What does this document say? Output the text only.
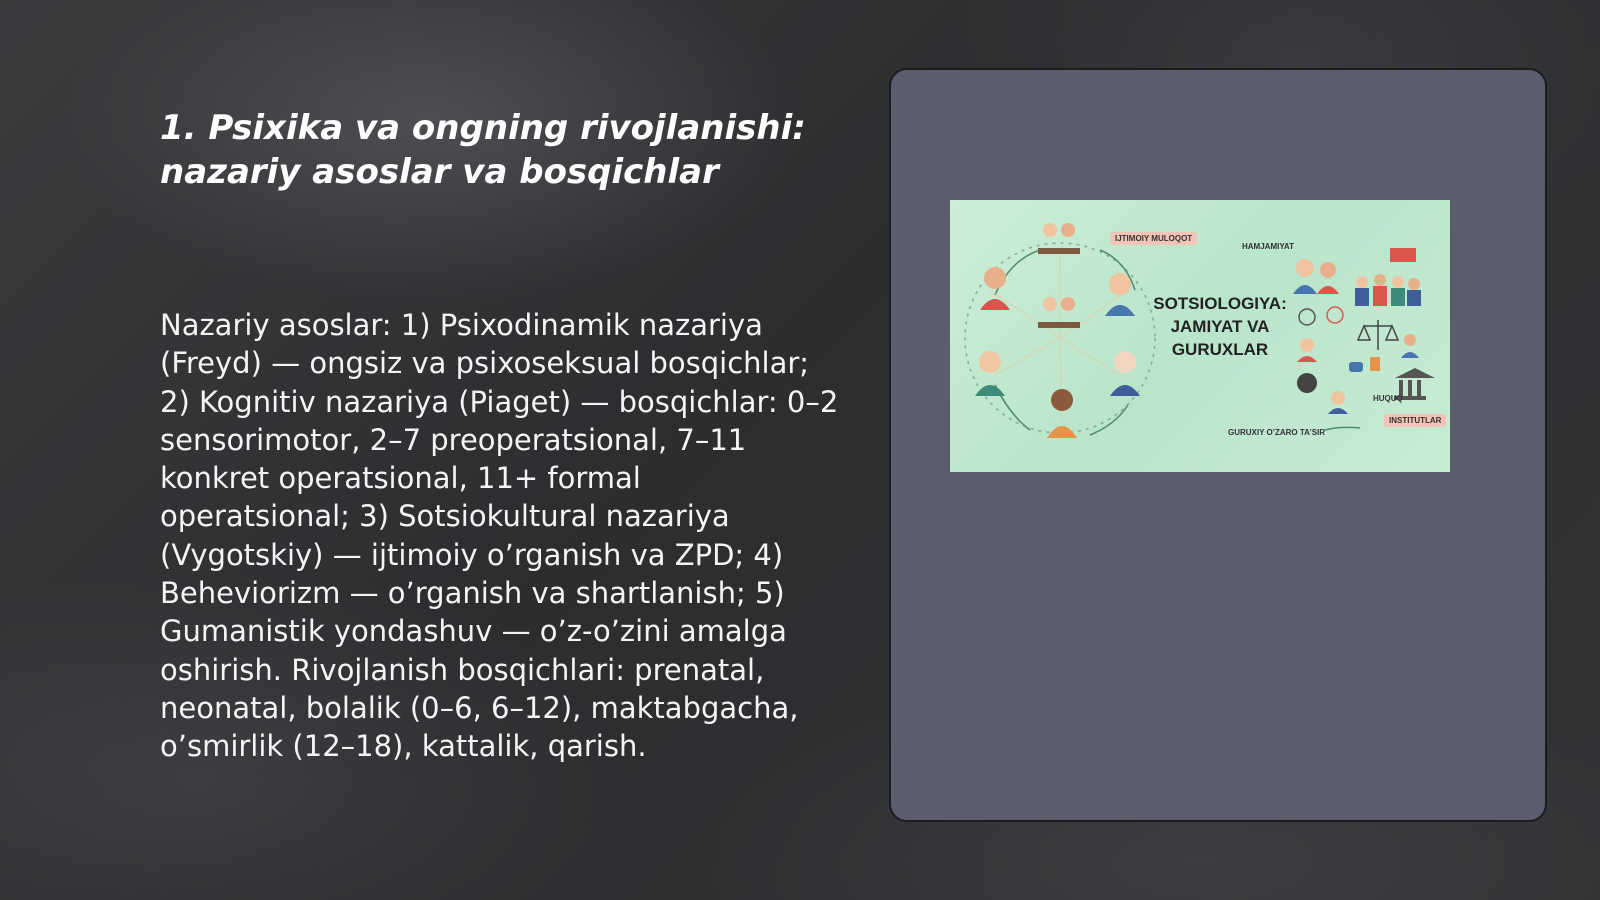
1. Psixika va ongning rivojlanishi: nazariy asoslar va bosqichlar

Nazariy asoslar: 1) Psixodinamik nazariya (Freyd) — ongsiz va psixoseksual bosqichlar; 2) Kognitiv nazariya (Piaget) — bosqichlar: 0–2 sensorimotor, 2–7 preoperatsional, 7–11 konkret operatsional, 11+ formal operatsional; 3) Sotsiokultural nazariya (Vygotskiy) — ijtimoiy o’rganish va ZPD; 4) Beheviorizm — o’rganish va shartlanish; 5) Gumanistik yondashuv — o’z-o’zini amalga oshirish. Rivojlanish bosqichlari: prenatal, neonatal, bolalik (0–6, 6–12), maktabgacha, o’smirlik (12–18), kattalik, qarish.

SOTSIOLOGIYA: JAMIYAT VA GURUXLAR
IJTIMOIY MULOQOT
HAMJAMIYAT
HUQUQ
INSTITUTLAR
GURUXIY O’ZARO TA’SIR
